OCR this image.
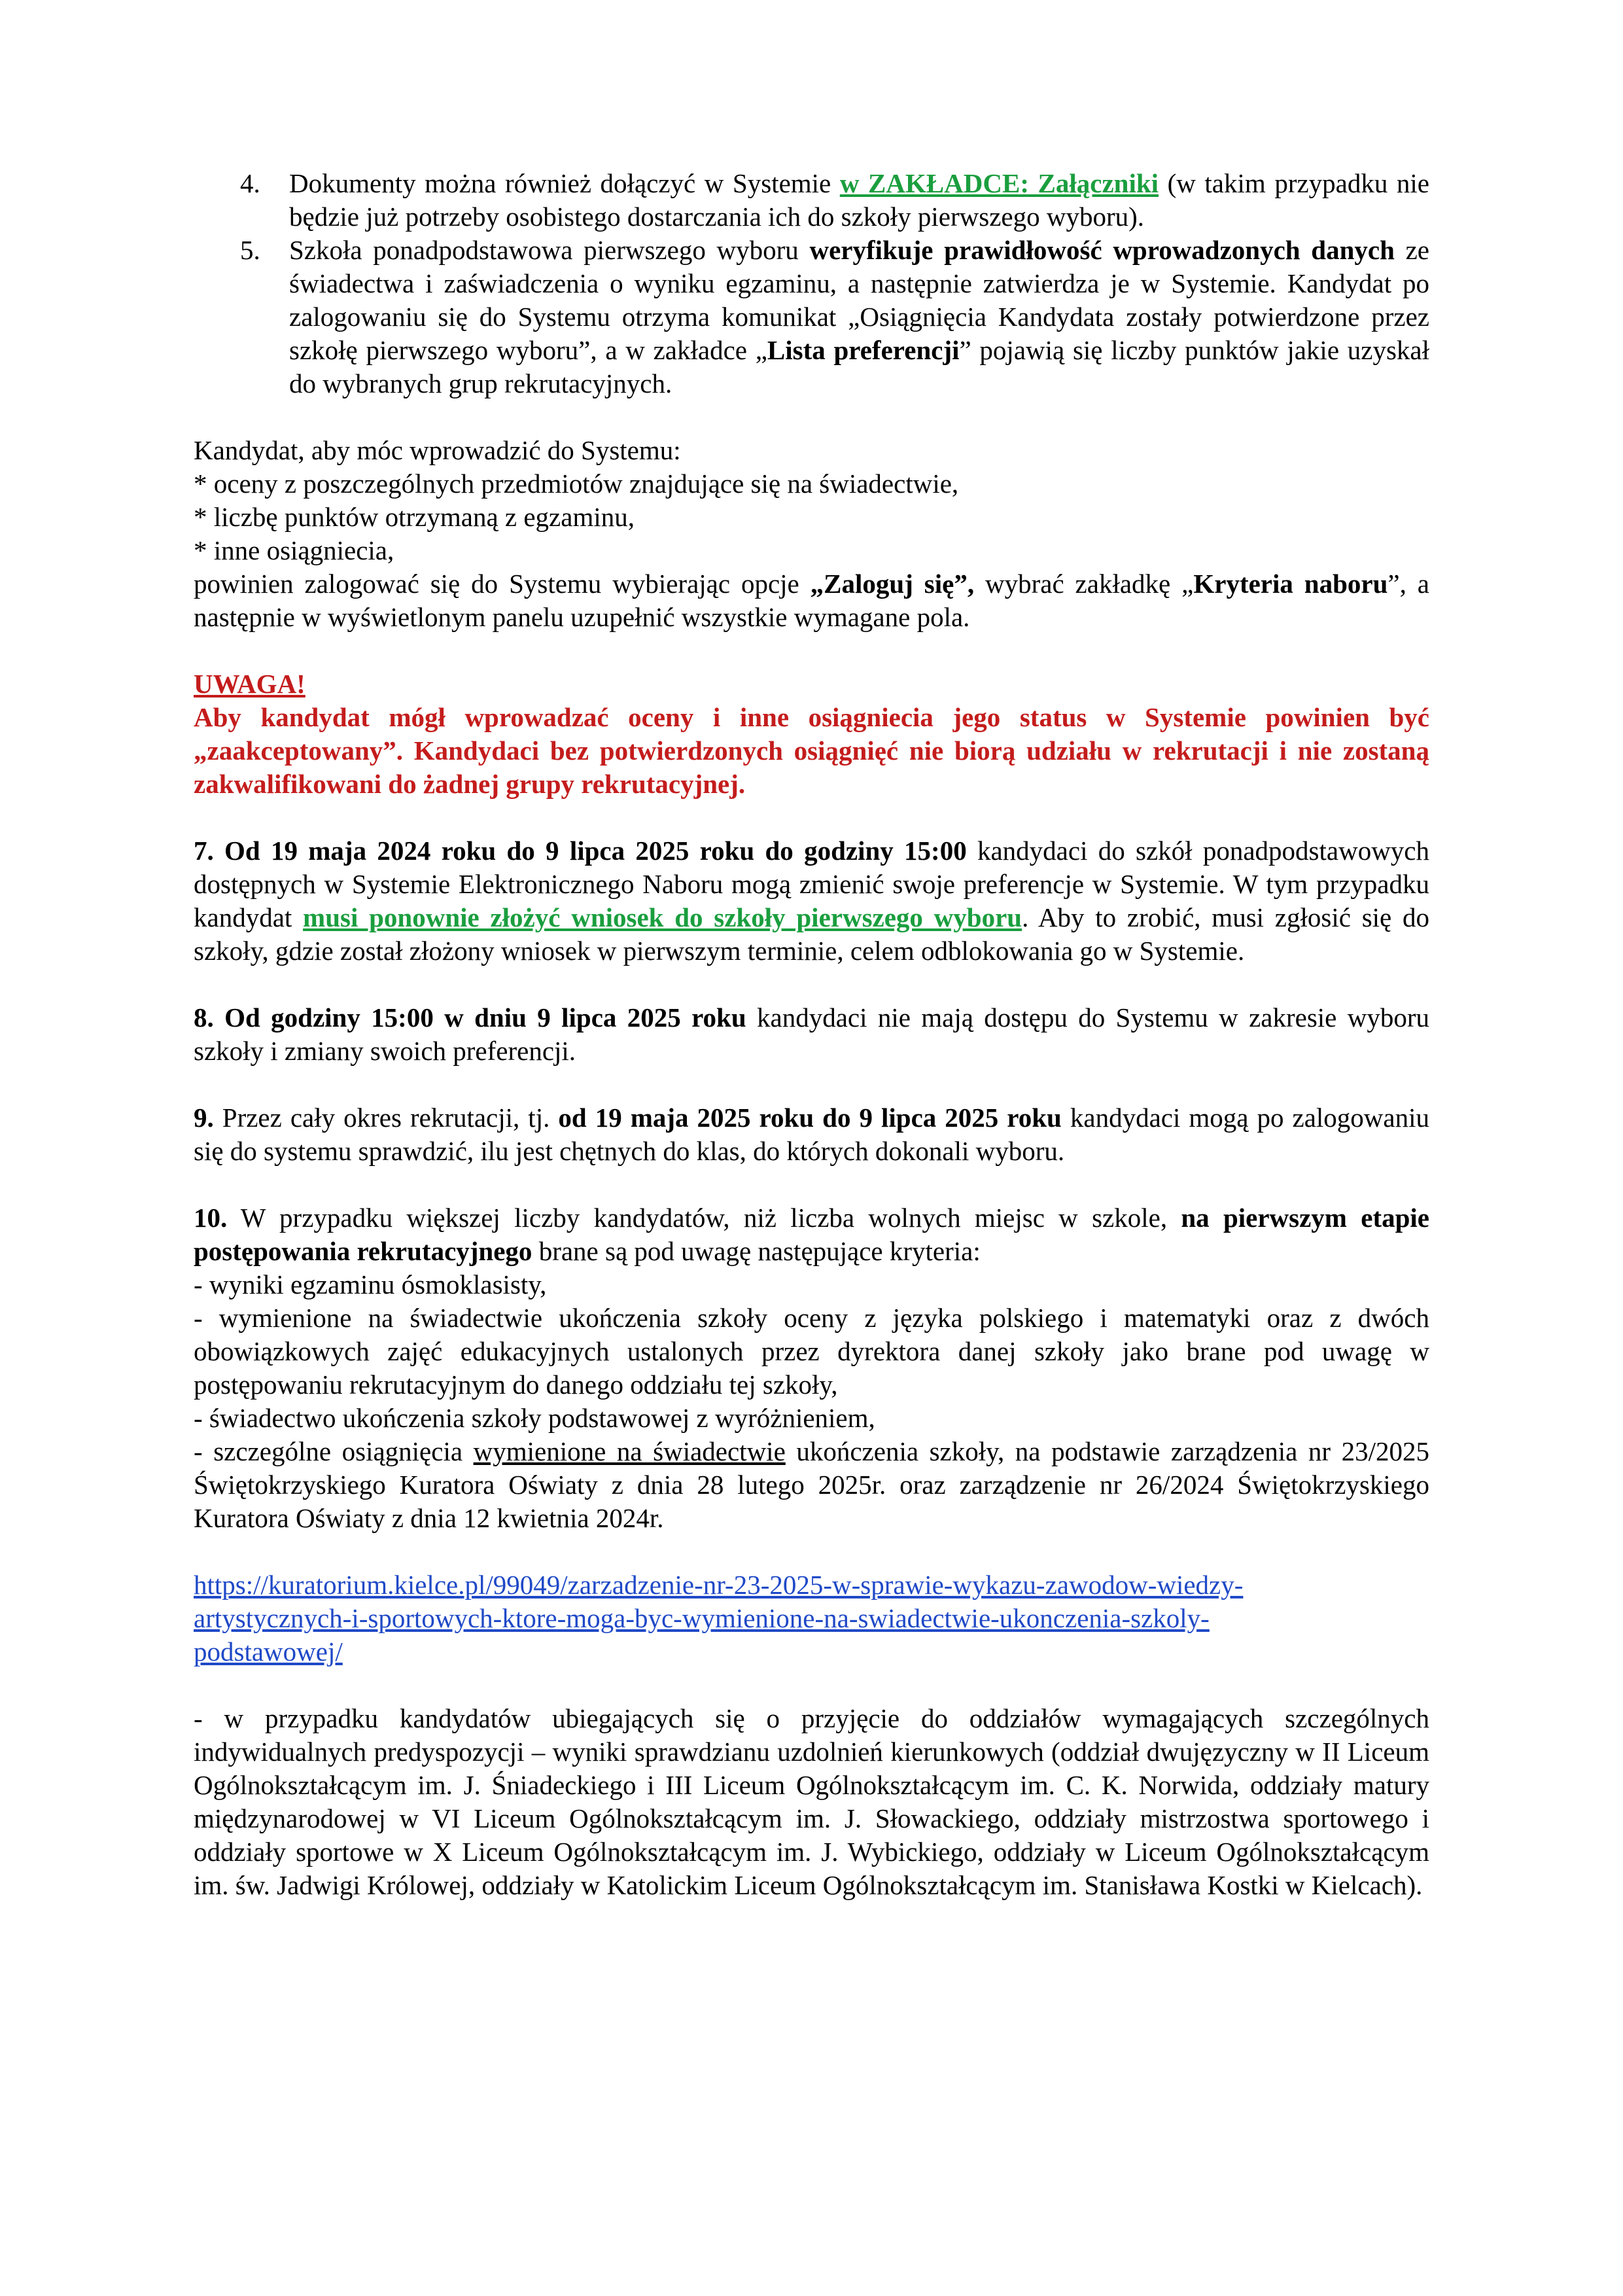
4.	Dokumenty można również dołączyć w Systemie w ZAKŁADCE: Załączniki (w takim przypadku nie będzie już potrzeby osobistego dostarczania ich do szkoły pierwszego wyboru).
5.	Szkoła ponadpodstawowa pierwszego wyboru weryfikuje prawidłowość wprowadzonych danych ze świadectwa i zaświadczenia o wyniku egzaminu, a następnie zatwierdza je w Systemie. Kandydat po zalogowaniu się do Systemu otrzyma komunikat „Osiągnięcia Kandydata zostały potwierdzone przez szkołę pierwszego wyboru”, a w zakładce „Lista preferencji” pojawią się liczby punktów jakie uzyskał do wybranych grup rekrutacyjnych.
Kandydat, aby móc wprowadzić do Systemu:
* oceny z poszczególnych przedmiotów znajdujące się na świadectwie,
* liczbę punktów otrzymaną z egzaminu,
* inne osiągniecia,

powinien zalogować się do Systemu wybierając opcje „Zaloguj się”, wybrać zakładkę „Kryteria naboru”, a następnie w wyświetlonym panelu uzupełnić wszystkie wymagane pola.

UWAGA!

Aby kandydat mógł wprowadzać oceny i inne osiągniecia jego status w Systemie powinien być „zaakceptowany”. Kandydaci bez potwierdzonych osiągnięć nie biorą udziału w rekrutacji i nie zostaną zakwalifikowani do żadnej grupy rekrutacyjnej.

7. Od 19 maja 2024 roku do 9 lipca 2025 roku do godziny 15:00 kandydaci do szkół ponadpodstawowych dostępnych w Systemie Elektronicznego Naboru mogą zmienić swoje preferencje w Systemie. W tym przypadku kandydat musi ponownie złożyć wniosek do szkoły pierwszego wyboru. Aby to zrobić, musi zgłosić się do szkoły, gdzie został złożony wniosek w pierwszym terminie, celem odblokowania go w Systemie.

8. Od godziny 15:00 w dniu 9 lipca 2025 roku kandydaci nie mają dostępu do Systemu w zakresie wyboru szkoły i zmiany swoich preferencji.

9. Przez cały okres rekrutacji, tj. od 19 maja 2025 roku do 9 lipca 2025 roku kandydaci mogą po zalogowaniu się do systemu sprawdzić, ilu jest chętnych do klas, do których dokonali wyboru.

10. W przypadku większej liczby kandydatów, niż liczba wolnych miejsc w szkole, na pierwszym etapie postępowania rekrutacyjnego brane są pod uwagę następujące kryteria:

- wyniki egzaminu ósmoklasisty,

- wymienione na świadectwie ukończenia szkoły oceny z języka polskiego i matematyki oraz z dwóch obowiązkowych zajęć edukacyjnych ustalonych przez dyrektora danej szkoły jako brane pod uwagę w postępowaniu rekrutacyjnym do danego oddziału tej szkoły,

- świadectwo ukończenia szkoły podstawowej z wyróżnieniem,

- szczególne osiągnięcia wymienione na świadectwie ukończenia szkoły, na podstawie zarządzenia nr 23/2025 Świętokrzyskiego Kuratora Oświaty z dnia 28 lutego 2025r. oraz zarządzenie nr 26/2024 Świętokrzyskiego Kuratora Oświaty z dnia 12 kwietnia 2024r.

https://kuratorium.kielce.pl/99049/zarzadzenie-nr-23-2025-w-sprawie-wykazu-zawodow-wiedzy-
artystycznych-i-sportowych-ktore-moga-byc-wymienione-na-swiadectwie-ukonczenia-szkoly-
podstawowej/

- w przypadku kandydatów ubiegających się o przyjęcie do oddziałów wymagających szczególnych indywidualnych predyspozycji – wyniki sprawdzianu uzdolnień kierunkowych (oddział dwujęzyczny w II Liceum Ogólnokształcącym im. J. Śniadeckiego i III Liceum Ogólnokształcącym im. C. K. Norwida, oddziały matury międzynarodowej w VI Liceum Ogólnokształcącym im. J. Słowackiego, oddziały mistrzostwa sportowego i oddziały sportowe w X Liceum Ogólnokształcącym im. J. Wybickiego, oddziały w Liceum Ogólnokształcącym im. św. Jadwigi Królowej, oddziały w Katolickim Liceum Ogólnokształcącym im. Stanisława Kostki w Kielcach).
